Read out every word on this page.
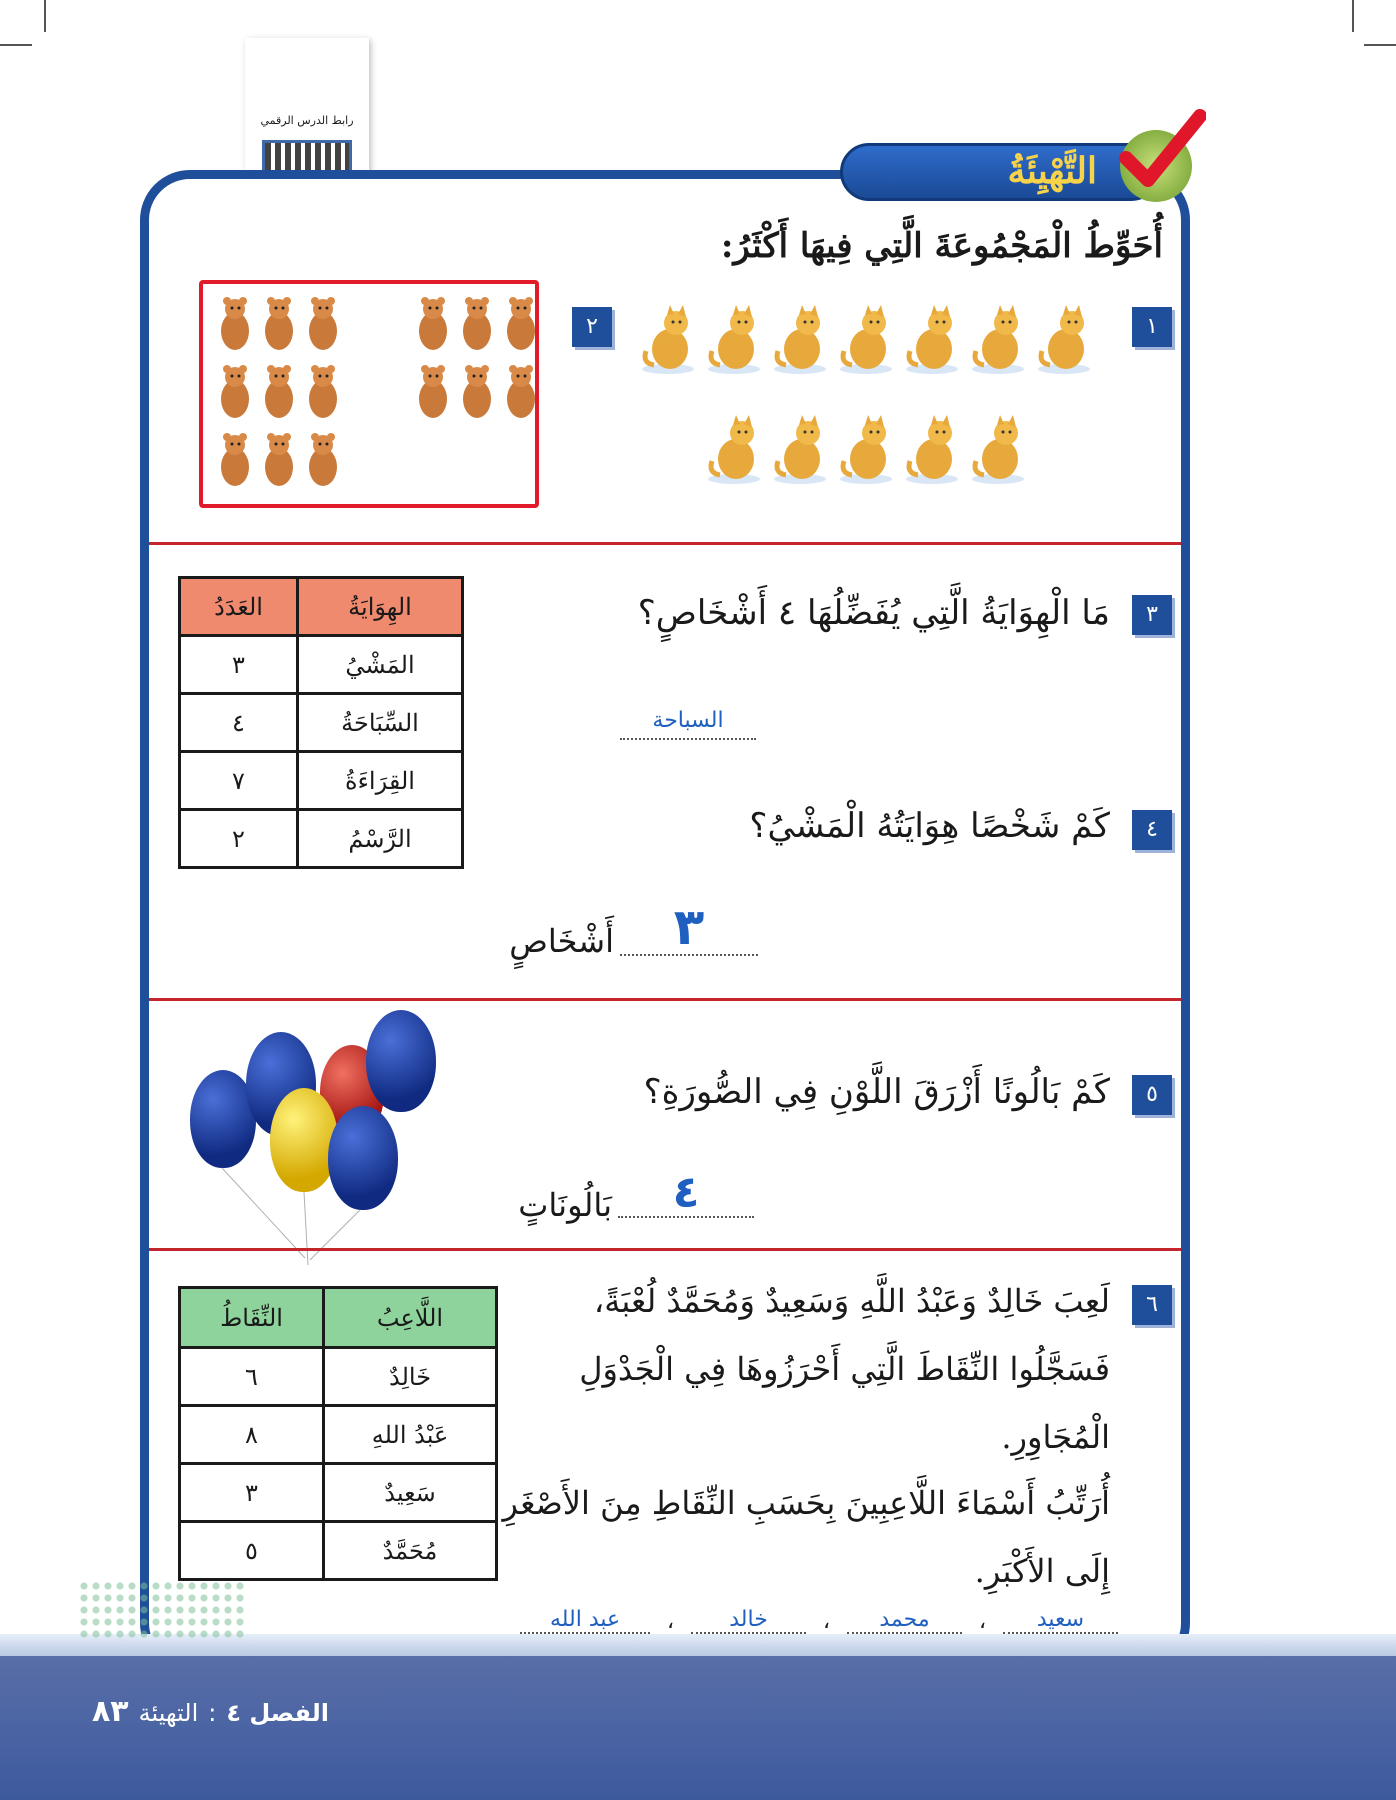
رابط الدرس الرقمي
التَّهْيِئَةُ
أُحَوِّطُ الْمَجْمُوعَةَ الَّتِي فِيهَا أَكْثَرُ:
١
٢
الهِوَايَةُ	العَدَدُ
المَشْيُ	٣
السِّبَاحَةُ	٤
القِرَاءَةُ	٧
الرَّسْمُ	٢
٣
مَا الْهِوَايَةُ الَّتِي يُفَضِّلُهَا ٤ أَشْخَاصٍ؟
السباحة
٤
كَمْ شَخْصًا هِوَايَتُهُ الْمَشْيُ؟
٣
أَشْخَاصٍ
٥
كَمْ بَالُونًا أَزْرَقَ اللَّوْنِ فِي الصُّورَةِ؟
٤
بَالُونَاتٍ
اللَّاعِبُ	النِّقَاطُ
خَالِدٌ	٦
عَبْدُ اللهِ	٨
سَعِيدٌ	٣
مُحَمَّدٌ	٥
٦
لَعِبَ خَالِدٌ وَعَبْدُ اللَّهِ وَسَعِيدٌ وَمُحَمَّدٌ لُعْبَةً،
فَسَجَّلُوا النِّقَاطَ الَّتِي أَحْرَزُوهَا فِي الْجَدْوَلِ
الْمُجَاوِرِ.
أُرَتِّبُ أَسْمَاءَ اللَّاعِبِينَ بِحَسَبِ النِّقَاطِ مِنَ الأَصْغَرِ
إِلَى الأَكْبَرِ.
سعيد
،
محمد
،
خالد
،
عبد الله
الفصل ٤
:
التهيئة
٨٣
